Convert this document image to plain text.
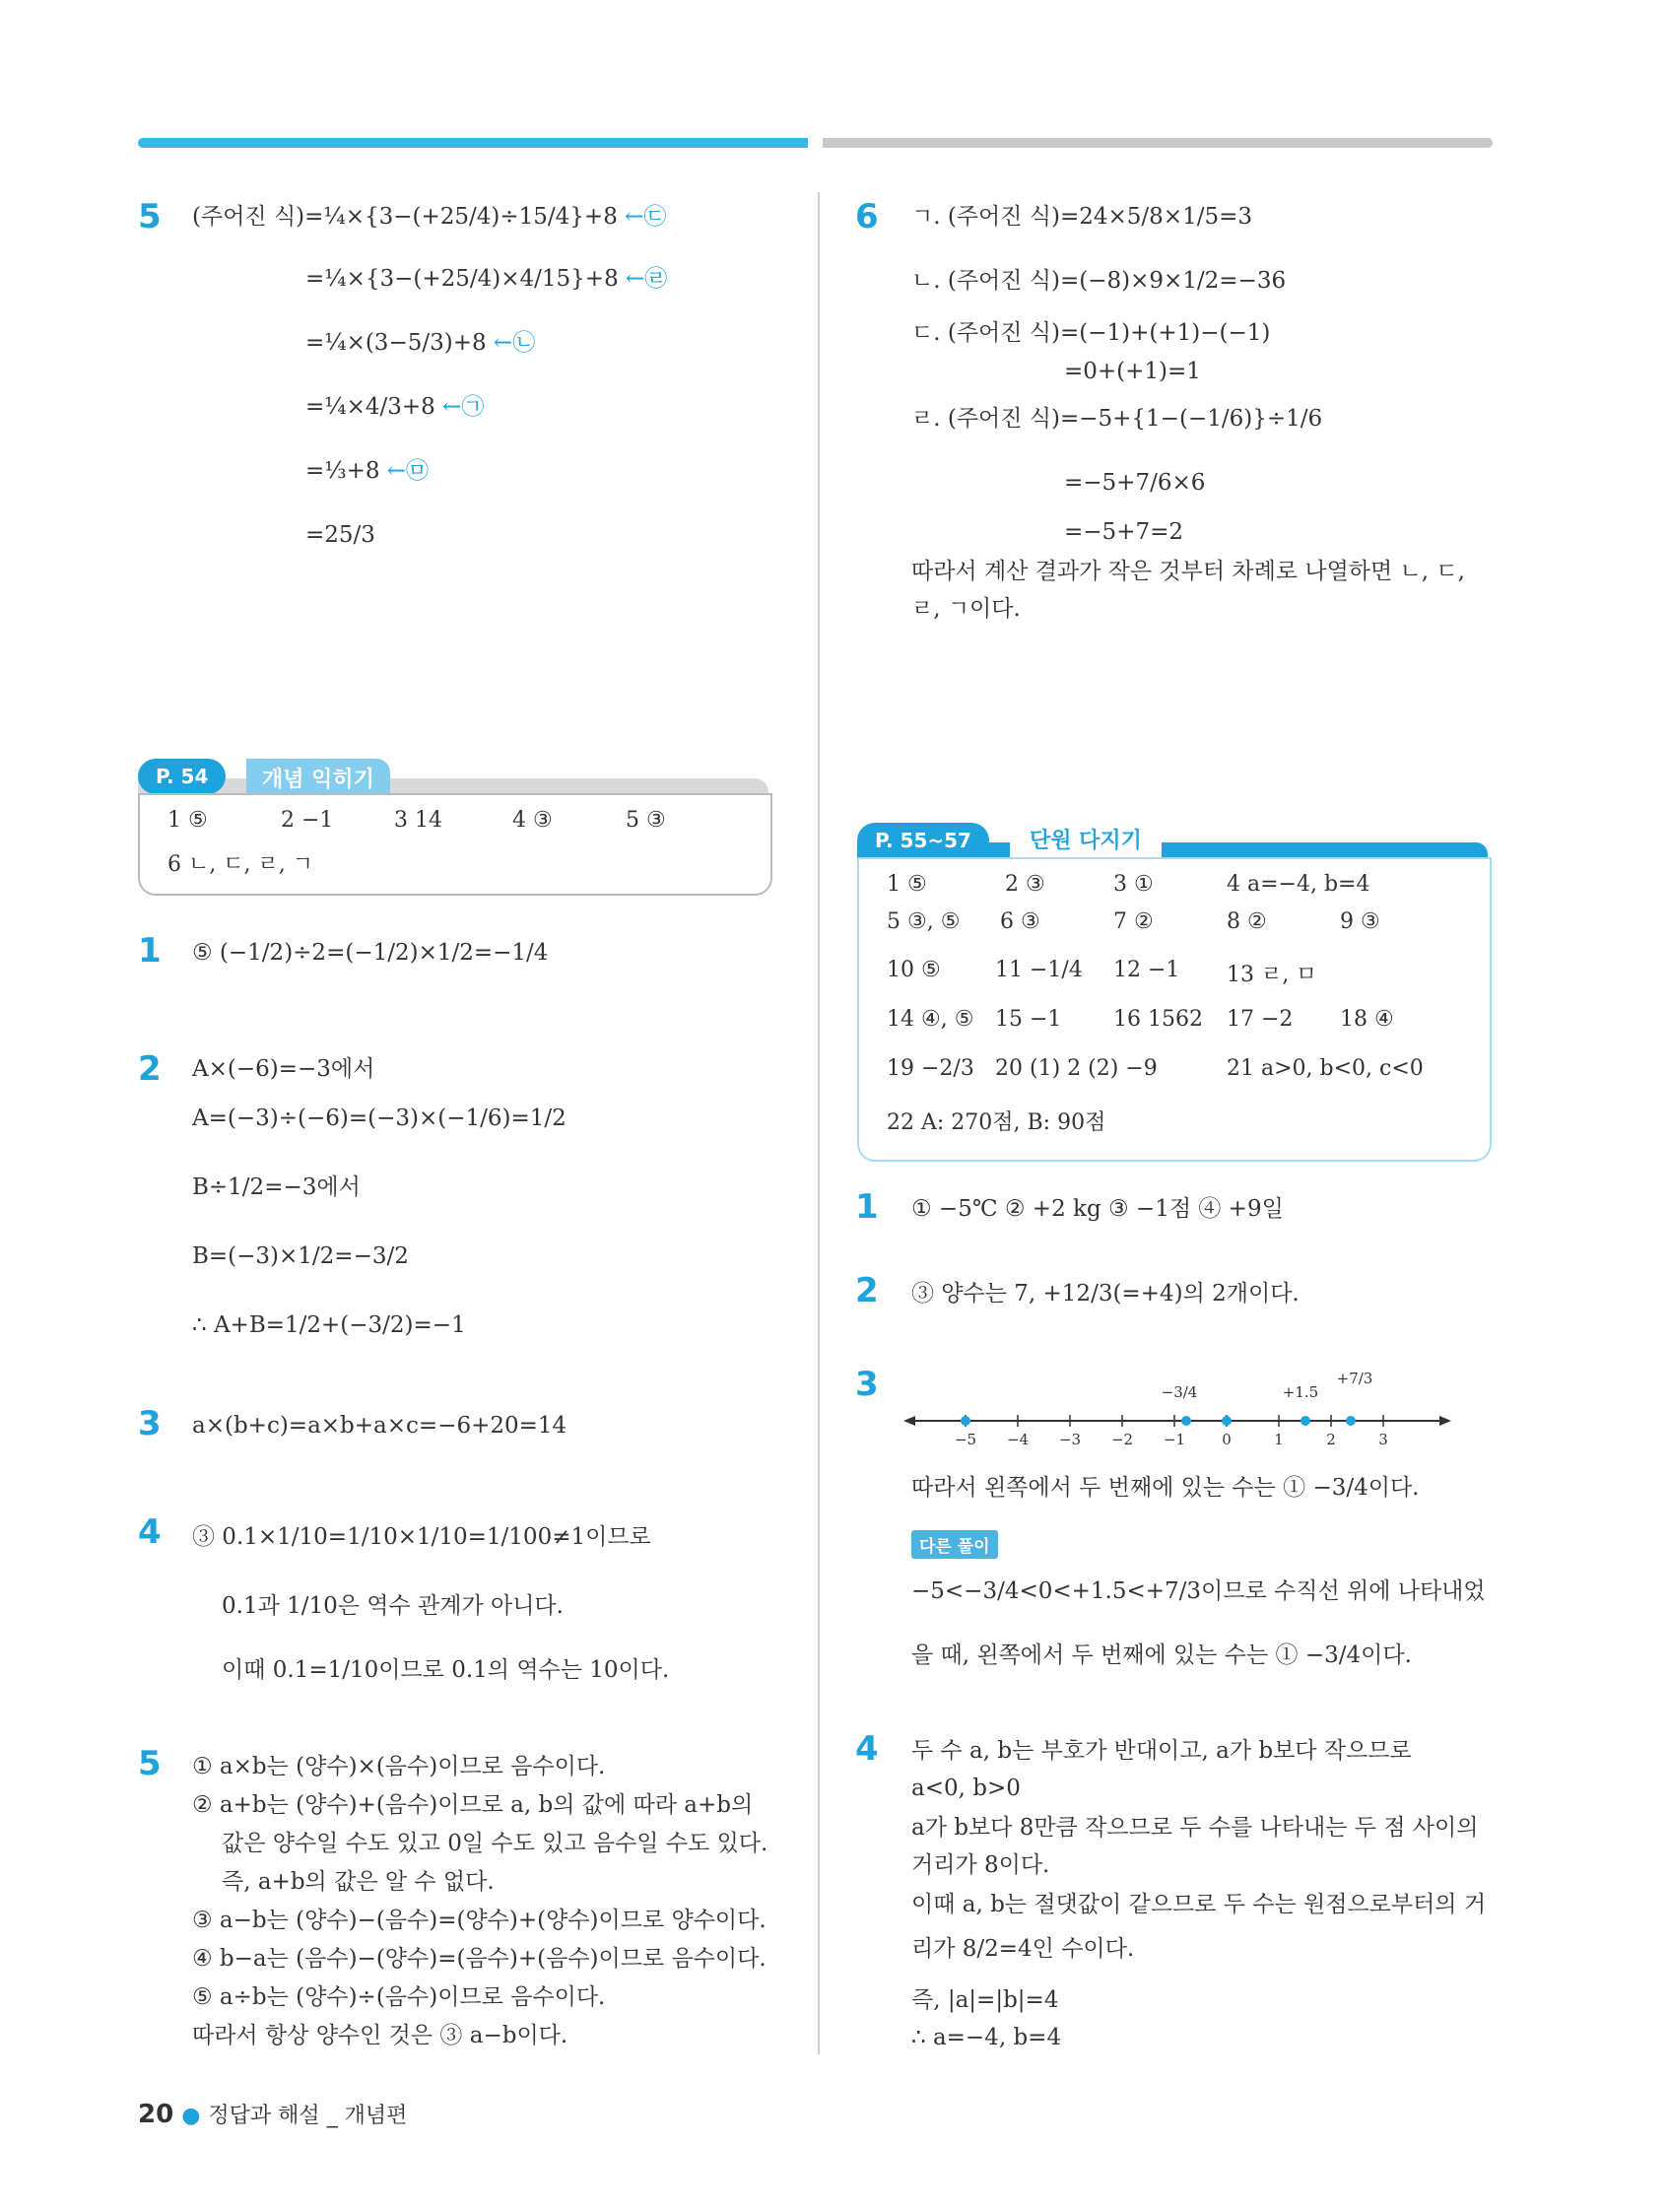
5 (주어진 식)=¼×{3−(+25/4)÷15/4}+8 ←㉢
=¼×{3−(+25/4)×4/15}+8 ←㉣
=¼×(3−5/3)+8 ←㉡
=¼×4/3+8 ←㉠
=⅓+8 ←㉤
=25/3
6 ㄱ. (주어진 식)=24×5/8×1/5=3
ㄴ. (주어진 식)=(−8)×9×1/2=−36
ㄷ. (주어진 식)=(−1)+(+1)−(−1)
=0+(+1)=1
ㄹ. (주어진 식)=−5+{1−(−1/6)}÷1/6
=−5+7/6×6
=−5+7=2
따라서 계산 결과가 작은 것부터 차례로 나열하면 ㄴ, ㄷ,
ㄹ, ㄱ이다.
P. 54	개념 익히기
1 ⑤	2 −1	3 14	4 ③	5 ③
6 ㄴ, ㄷ, ㄹ, ㄱ
1 ⑤ (−1/2)÷2=(−1/2)×1/2=−1/4
2 A×(−6)=−3에서
A=(−3)÷(−6)=(−3)×(−1/6)=1/2
B÷1/2=−3에서
B=(−3)×1/2=−3/2
∴ A+B=1/2+(−3/2)=−1
3 a×(b+c)=a×b+a×c=−6+20=14
4 ③ 0.1×1/10=1/10×1/10=1/100≠1이므로
0.1과 1/10은 역수 관계가 아니다.
이때 0.1=1/10이므로 0.1의 역수는 10이다.
5 ① a×b는 (양수)×(음수)이므로 음수이다.
② a+b는 (양수)+(음수)이므로 a, b의 값에 따라 a+b의
값은 양수일 수도 있고 0일 수도 있고 음수일 수도 있다.
즉, a+b의 값은 알 수 없다.
③ a−b는 (양수)−(음수)=(양수)+(양수)이므로 양수이다.
④ b−a는 (음수)−(양수)=(음수)+(음수)이므로 음수이다.
⑤ a÷b는 (양수)÷(음수)이므로 음수이다.
따라서 항상 양수인 것은 ③ a−b이다.
P. 55~57	단원 다지기
1 ⑤	2 ③	3 ①	4 a=−4, b=4
5 ③, ⑤ 6 ③	7 ②	8 ②	9 ③
10 ⑤	11 −1/4 12 −1 13 ㄹ, ㅁ
14 ④, ⑤ 15 −1 16 1562 17 −2 18 ④
19 −2/3 20 (1) 2 (2) −9	21 a>0, b<0, c<0
22 A: 270점, B: 90점
1 ① −5℃ ② +2 kg ③ −1점 ④ +9일
2 ③ 양수는 7, +12/3(=+4)의 2개이다.
3
−5 −4 −3 −2 −1 0	1	2	3
−3/4	+1.5
+7/3
따라서 왼쪽에서 두 번째에 있는 수는 ① −3/4이다.
다른 풀이
−5<−3/4<0<+1.5<+7/3이므로 수직선 위에 나타내었
을 때, 왼쪽에서 두 번째에 있는 수는 ① −3/4이다.
4 두 수 a, b는 부호가 반대이고, a가 b보다 작으므로
a<0, b>0
a가 b보다 8만큼 작으므로 두 수를 나타내는 두 점 사이의
거리가 8이다.
이때 a, b는 절댓값이 같으므로 두 수는 원점으로부터의 거
리가 8/2=4인 수이다.
즉, |a|=|b|=4
∴ a=−4, b=4
20 ● 정답과 해설 _ 개념편
